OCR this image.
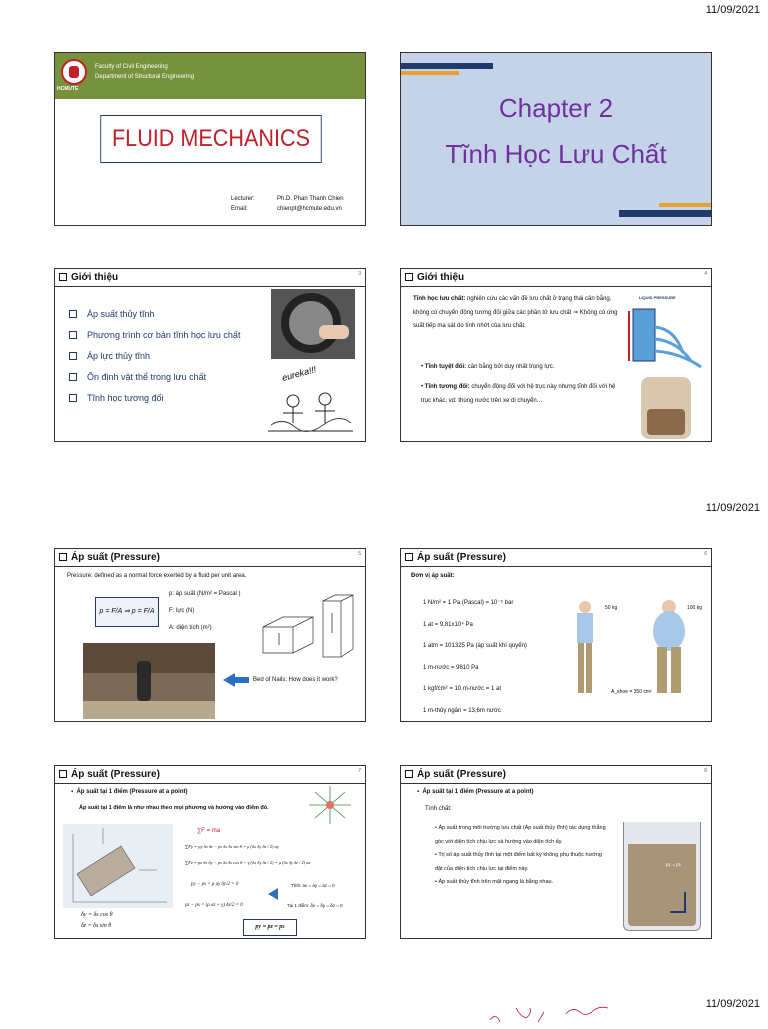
11/09/2021
11/09/2021
11/09/2021
HCMUTE
Faculty of Civil Engineering
Department of Structural Engineering
FLUID MECHANICS
Lecturer:	Ph.D. Phan Thanh Chien
Email:	chienpt@hcmute.edu.vn
Chapter 2
Tĩnh Học Lưu Chất
Giới thiệu	3
Áp suất thủy tĩnh
Phương trình cơ bản tĩnh học lưu chất
Áp lực thủy tĩnh
Ổn định vật thể trong lưu chất
Tĩnh học tương đối
eureka!!!
Giới thiệu	4
Tĩnh học lưu chất: nghiên cứu các vấn đề lưu chất ở trạng thái cân bằng, không có chuyển động tương đối giữa các phần tử lưu chất ⇒ Không có ứng suất tiếp ma sát do tính nhớt của lưu chất.
• Tĩnh tuyệt đối: cân bằng bởi duy nhất trọng lực.
• Tĩnh tương đối: chuyển động đối với hệ trục này nhưng tĩnh đối với hệ trục khác, vd: thùng nước trên xe di chuyển…
LIQUID PRESSURE
Áp suất (Pressure)	5
Pressure: defined as a normal force exerted by a fluid per unit area.
p = F/A ⇒ p = F/A
p: áp suất (N/m² = Pascal )
F: lực (N)
A: diện tích (m²)
Bed of Nails: How does it work?
Áp suất (Pressure)	6
Đơn vị áp suất:
1 N/m² = 1 Pa (Pascal) = 10⁻⁵ bar
1 at = 9,81x10⁴ Pa
1 atm = 101325 Pa (áp suất khí quyển)
1 m-nước = 9810 Pa
1 kgf/cm² = 10 m-nước = 1 at
1 m-thủy ngân = 13,6m nước
50 kg	100 kg
A_shoe = 350 cm²
Áp suất (Pressure)	7
▪  Áp suất tại 1 điểm (Pressure at a point)
Áp suất tại 1 điểm là như nhau theo mọi phương và hướng vào điểm đó.
δy = δs cos θ
δz = δs sin θ
∑F = ma
∑Fy = py δx δz − ps δx δs sin θ = ρ (δx δy δz / 2) ay
∑Fz = pz δx δy − ps δx δs cos θ − γ (δx δy δz / 2) = ρ (δx δy δz / 2) az
py − ps = ρ ay δy/2 = 0
pz − ps = (ρ az + γ) δz/2 = 0
Tĩnh: ax = ay = az = 0
Tại 1 điểm: δx = δy = δz = 0
py = pz = ps
Áp suất (Pressure)	8
▪  Áp suất tại 1 điểm (Pressure at a point)
Tính chất:
• Áp suất trong môi trường lưu chất (Áp suất thủy tĩnh) tác dụng thẳng góc với diện tích chịu lực và hướng vào diện tích ấy.
• Trị số áp suất thủy tĩnh tại một điểm bất kỳ không phụ thuộc hướng đặt của diện tích chịu lực tại điểm này.
• Áp suất thủy tĩnh trên mặt ngang là bằng nhau.
p1 = p1
